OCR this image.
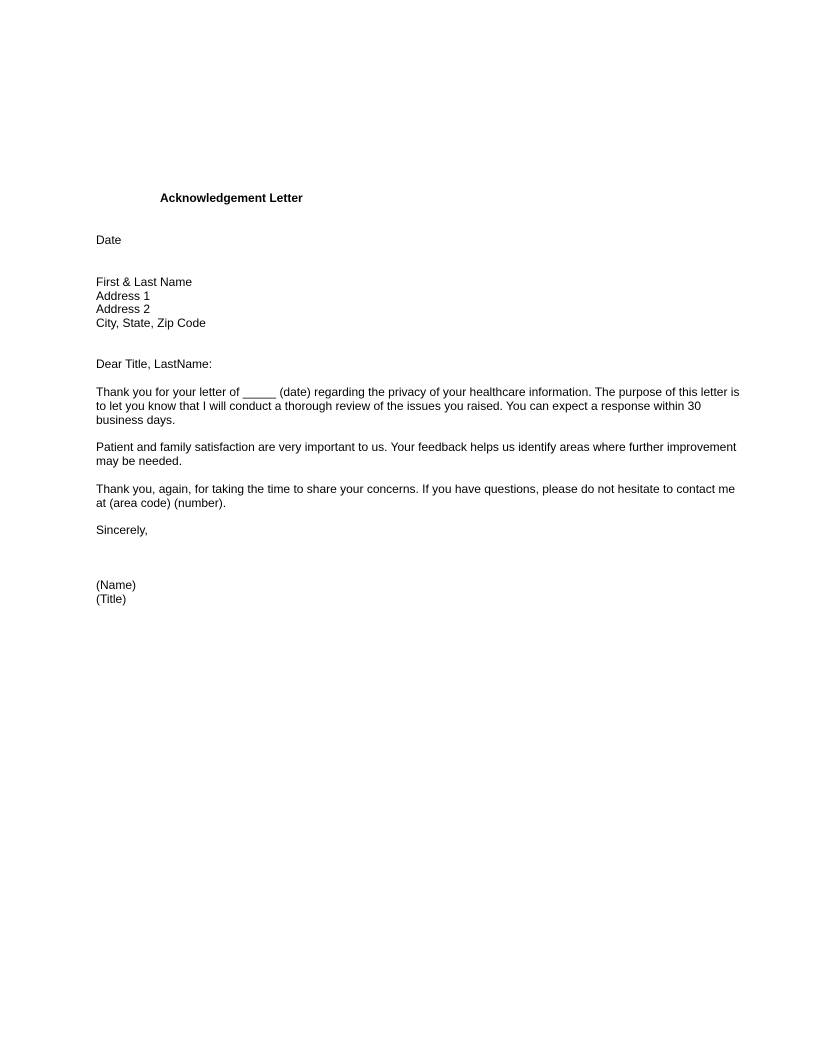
Acknowledgement Letter
Date
First & Last Name
Address 1
Address 2
City, State, Zip Code
Dear Title, LastName:
Thank you for your letter of _____ (date) regarding the privacy of your healthcare information. The purpose of this letter is
to let you know that I will conduct a thorough review of the issues you raised. You can expect a response within 30
business days.
Patient and family satisfaction are very important to us. Your feedback helps us identify areas where further improvement
may be needed.
Thank you, again, for taking the time to share your concerns. If you have questions, please do not hesitate to contact me
at (area code) (number).
Sincerely,
(Name)
(Title)
